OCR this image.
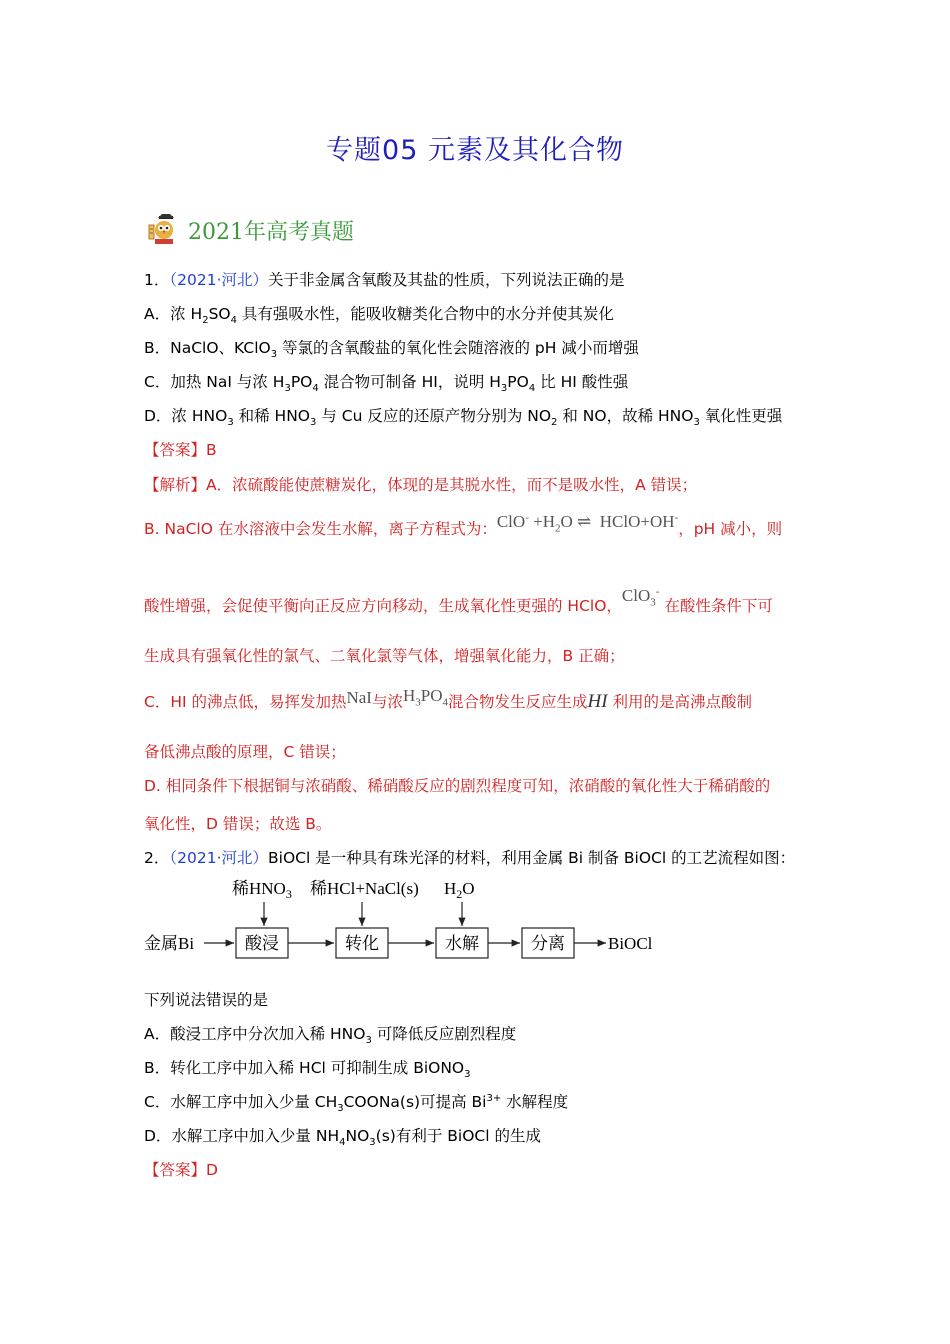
专题05 元素及其化合物
2021年高考真题
1．（2021·河北）关于非金属含氧酸及其盐的性质，下列说法正确的是
A．浓 $H_2SO_4$ 具有强吸水性，能吸收糖类化合物中的水分并使其炭化
B．NaClO、KClO$_3$ 等氯的含氧酸盐的氧化性会随溶液的 pH 减小而增强
C．加热 NaI 与浓 $H_3PO_4$ 混合物可制备 HI，说明 $H_3PO_4$ 比 HI 酸性强
D．浓 $HNO_3$ 和稀 $HNO_3$ 与 Cu 反应的还原产物分别为 $NO_2$ 和 NO，故稀 $HNO_3$ 氧化性更强
【答案】B
【解析】A．浓硫酸能使蔗糖炭化，体现的是其脱水性，而不是吸水性，A 错误；
B. NaClO 在水溶液中会发生水解，离子方程式为：$ClO^- +H_2O$ ⇌ HClO+OH-，pH 减小，则
酸性增强，会促使平衡向正反应方向移动，生成氧化性更强的 HClO，ClO$_3$- 在酸性条件下可
生成具有强氧化性的氯气、二氧化氯等气体，增强氧化能力，B 正确；
C．HI 的沸点低，易挥发加热NaI与浓$H_3PO_4$混合物发生反应生成HI 利用的是高沸点酸制
备低沸点酸的原理，C 错误；
D. 相同条件下根据铜与浓硝酸、稀硝酸反应的剧烈程度可知，浓硝酸的氧化性大于稀硝酸的
氧化性，D 错误；故选 B。
2．（2021·河北）BiOCl 是一种具有珠光泽的材料，利用金属 Bi 制备 BiOCl 的工艺流程如图：
稀$HNO_3$ 稀HCl+NaCl(s) $H_2O$
金属Bi	酸浸	转化	水解	分离	BiOCl
下列说法错误的是
A．酸浸工序中分次加入稀 $HNO_3$ 可降低反应剧烈程度
B．转化工序中加入稀 HCl 可抑制生成 BiONO$_3$
C．水解工序中加入少量 $CH_3COONa(s)$可提高 $Bi^{3+}$ 水解程度
D．水解工序中加入少量 $NH_4NO_3(s)$有利于 BiOCl 的生成
【答案】D
